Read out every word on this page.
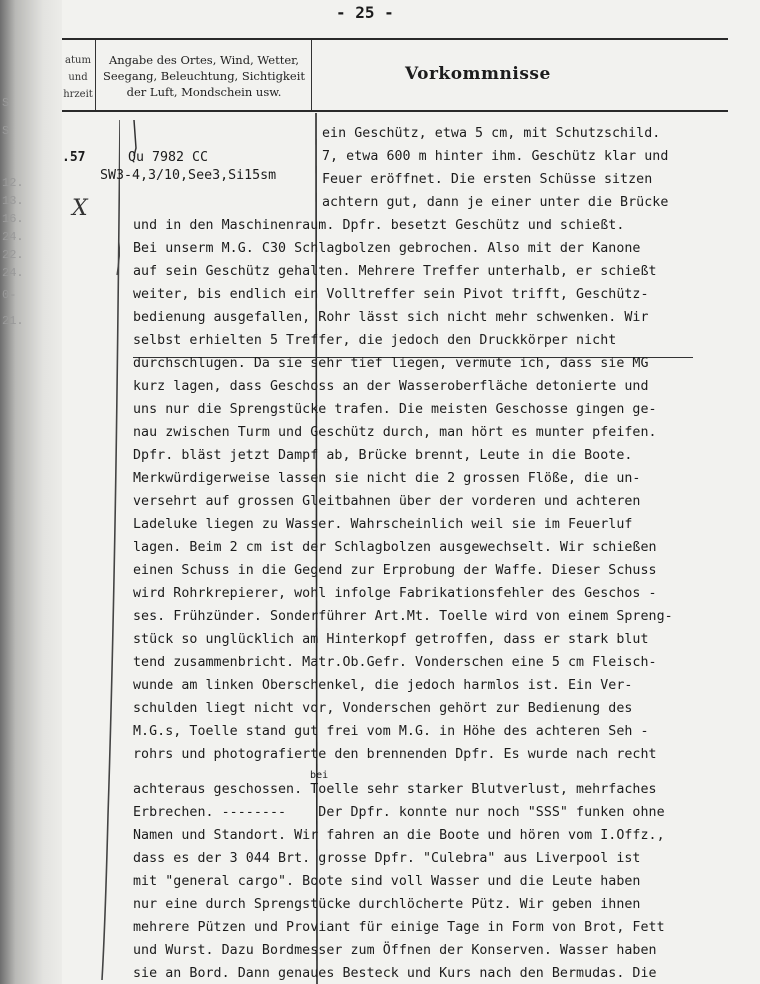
S
S
12.
13.
16.
24.
22.
24.
0-
21.
- 25 -
atum
und
hrzeit
Angabe des Ortes, Wind, Wetter,
Seegang, Beleuchtung, Sichtigkeit
der Luft, Mondschein usw.
Vorkommnisse
.57	Qu 7982 CC
SW3-4,3/10,See3,Si15sm
X
ein Geschütz, etwa 5 cm, mit Schutzschild.
7, etwa 600 m hinter ihm. Geschütz klar und
Feuer eröffnet. Die ersten Schüsse sitzen
achtern gut, dann je einer unter die Brücke
und in den Maschinenraum. Dpfr. besetzt Geschütz und schießt.
Bei unserm M.G. C30 Schlagbolzen gebrochen. Also mit der Kanone
auf sein Geschütz gehalten. Mehrere Treffer unterhalb, er schießt
weiter, bis endlich ein Volltreffer sein Pivot trifft, Geschütz-
bedienung ausgefallen, Rohr lässt sich nicht mehr schwenken. Wir
selbst erhielten 5 Treffer, die jedoch den Druckkörper nicht
durchschlugen. Da sie sehr tief liegen, vermute ich, dass sie MG
kurz lagen, dass Geschoss an der Wasseroberfläche detonierte und
uns nur die Sprengstücke trafen. Die meisten Geschosse gingen ge-
nau zwischen Turm und Geschütz durch, man hört es munter pfeifen.
Dpfr. bläst jetzt Dampf ab, Brücke brennt, Leute in die Boote.
Merkwürdigerweise lassen sie nicht die 2 grossen Flöße, die un-
versehrt auf grossen Gleitbahnen über der vorderen und achteren
Ladeluke liegen zu Wasser. Wahrscheinlich weil sie im Feuerluf
lagen. Beim 2 cm ist der Schlagbolzen ausgewechselt. Wir schießen
einen Schuss in die Gegend zur Erprobung der Waffe. Dieser Schuss
wird Rohrkrepierer, wohl infolge Fabrikationsfehler des Geschos -
ses. Frühzünder. Sonderführer Art.Mt. Toelle wird von einem Spreng-
stück so unglücklich am Hinterkopf getroffen, dass er stark blut
tend zusammenbricht. Matr.Ob.Gefr. Vonderschen eine 5 cm Fleisch-
wunde am linken Oberschenkel, die jedoch harmlos ist. Ein Ver-
schulden liegt nicht vor, Vonderschen gehört zur Bedienung des
M.G.s, Toelle stand gut frei vom M.G. in Höhe des achteren Seh -
rohrs und photografierte den brennenden Dpfr. Es wurde nach recht
bei
achteraus geschossen. Toelle sehr starker Blutverlust, mehrfaches
Erbrechen. --------    Der Dpfr. konnte nur noch "SSS" funken ohne
Namen und Standort. Wir fahren an die Boote und hören vom I.Offz.,
dass es der 3 044 Brt. grosse Dpfr. "Culebra" aus Liverpool ist
mit "general cargo". Boote sind voll Wasser und die Leute haben
nur eine durch Sprengstücke durchlöcherte Pütz. Wir geben ihnen
mehrere Pützen und Proviant für einige Tage in Form von Brot, Fett
und Wurst. Dazu Bordmesser zum Öffnen der Konserven. Wasser haben
sie an Bord. Dann genaues Besteck und Kurs nach den Bermudas. Die
